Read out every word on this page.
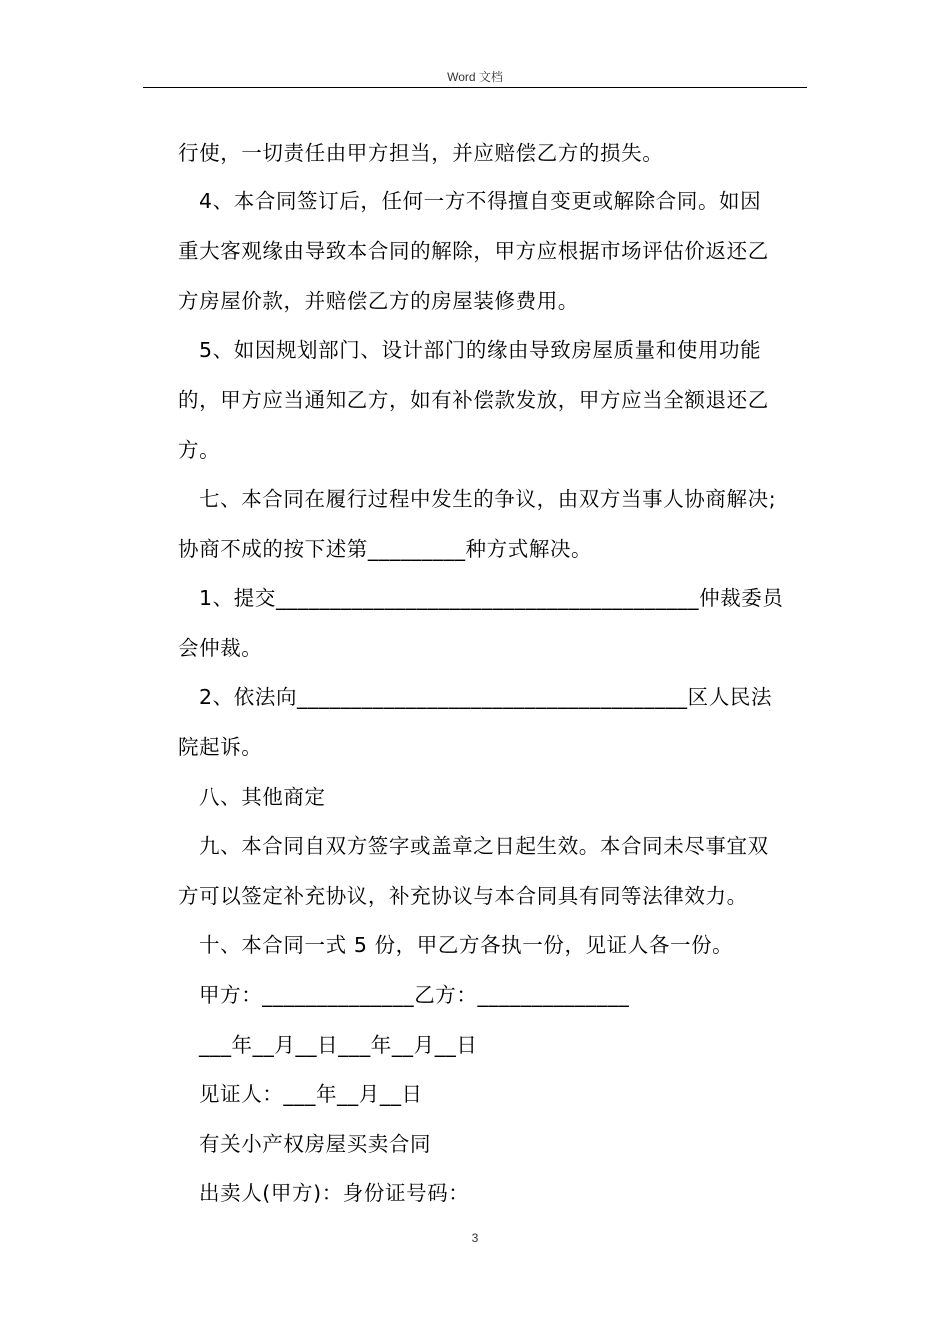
Word 文档
行使，一切责任由甲方担当，并应赔偿乙方的损失。
4、本合同签订后，任何一方不得擅自变更或解除合同。如因
重大客观缘由导致本合同的解除，甲方应根据市场评估价返还乙
方房屋价款，并赔偿乙方的房屋装修费用。
5、如因规划部门、设计部门的缘由导致房屋质量和使用功能
的，甲方应当通知乙方，如有补偿款发放，甲方应当全额退还乙
方。
七、本合同在履行过程中发生的争议，由双方当事人协商解决;
协商不成的按下述第_________种方式解决。
1、提交_______________________________________仲裁委员
会仲裁。
2、依法向____________________________________区人民法
院起诉。
八、其他商定
九、本合同自双方签字或盖章之日起生效。本合同未尽事宜双
方可以签定补充协议，补充协议与本合同具有同等法律效力。
十、本合同一式 5 份，甲乙方各执一份，见证人各一份。
甲方：______________乙方：______________
___年__月__日___年__月__日
见证人：___年__月__日
有关小产权房屋买卖合同
出卖人(甲方)：身份证号码：
3
